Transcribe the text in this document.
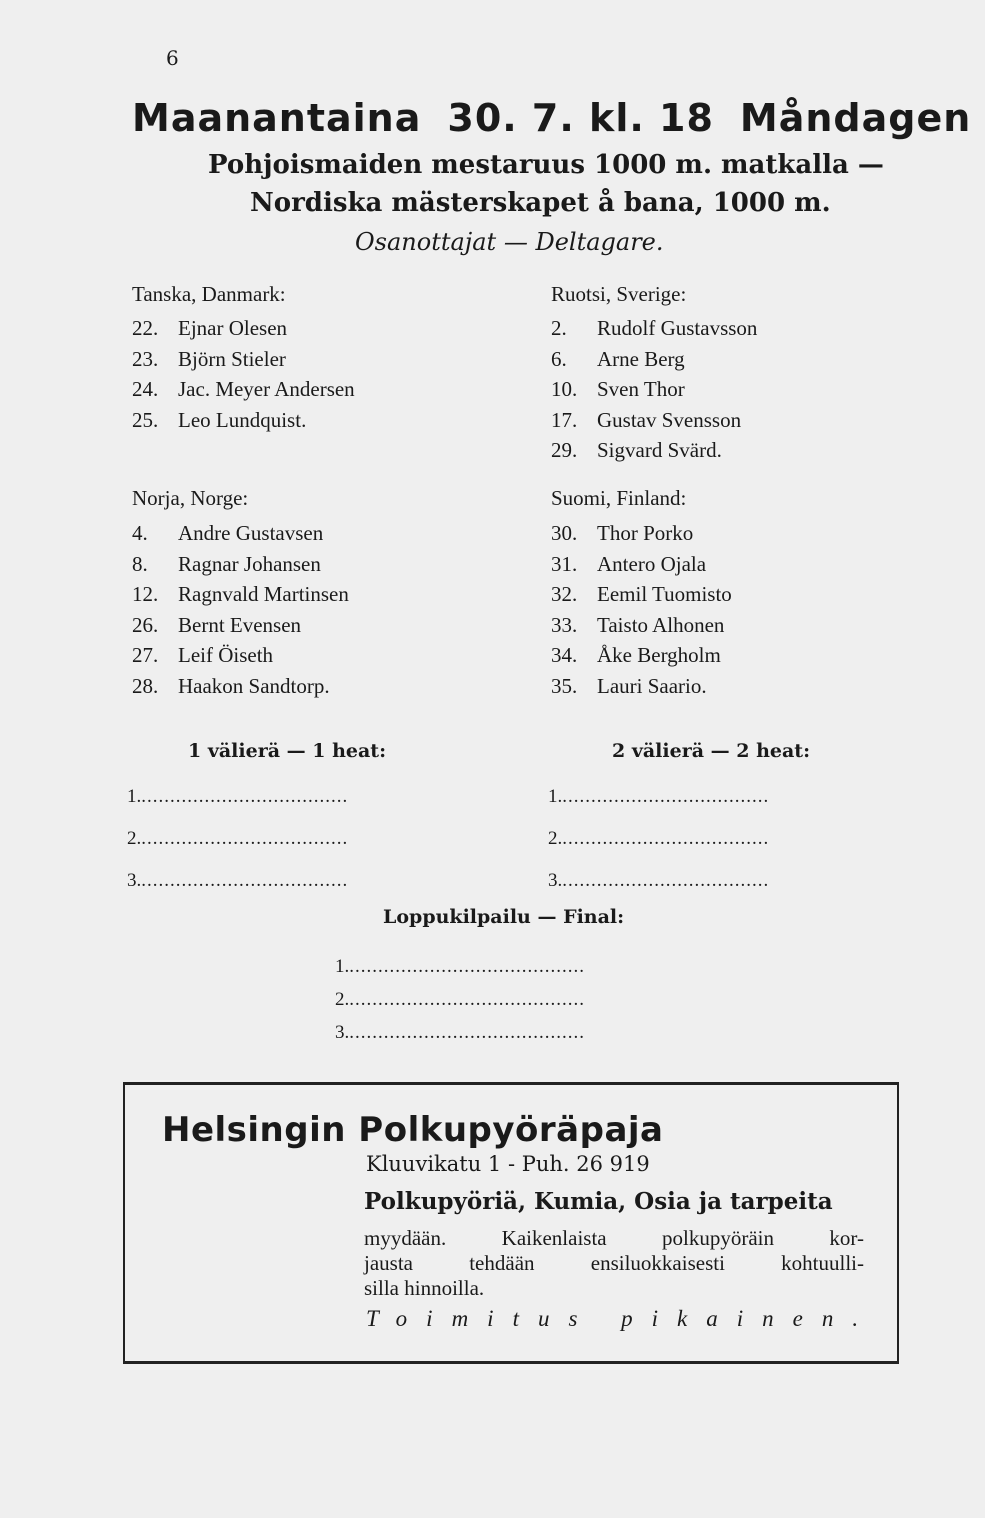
6
Maanantaina 30. 7. kl. 18 Måndagen
Pohjoismaiden mestaruus 1000 m. matkalla —
Nordiska mästerskapet å bana, 1000 m.
Osanottajat — Deltagare.
Tanska, Danmark:
22. Ejnar Olesen
23. Björn Stieler
24. Jac. Meyer Andersen
25. Leo Lundquist.
Ruotsi, Sverige:
2.	Rudolf Gustavsson
6.	Arne Berg
10. Sven Thor
17. Gustav Svensson
29. Sigvard Svärd.
Norja, Norge:
4.	Andre Gustavsen
8.	Ragnar Johansen
12. Ragnvald Martinsen
26. Bernt Evensen
27. Leif Öiseth
28. Haakon Sandtorp.
Suomi, Finland:
30. Thor Porko
31. Antero Ojala
32. Eemil Tuomisto
33. Taisto Alhonen
34. Åke Bergholm
35. Lauri Saario.
1 välierä — 1 heat:	2 välierä — 2 heat:
1.....................................
2.....................................
3.....................................
1.....................................
2.....................................
3.....................................
Loppukilpailu — Final:
1..........................................
2..........................................
3..........................................
Helsingin Polkupyöräpaja
Kluuvikatu 1 - Puh. 26 919
Polkupyöriä, Kumia, Osia ja tarpeita
myydään. Kaikenlaista polkupyöräin kor-
jausta tehdään ensiluokkaisesti kohtuulli-
silla hinnoilla.
Toimitus pikainen.
